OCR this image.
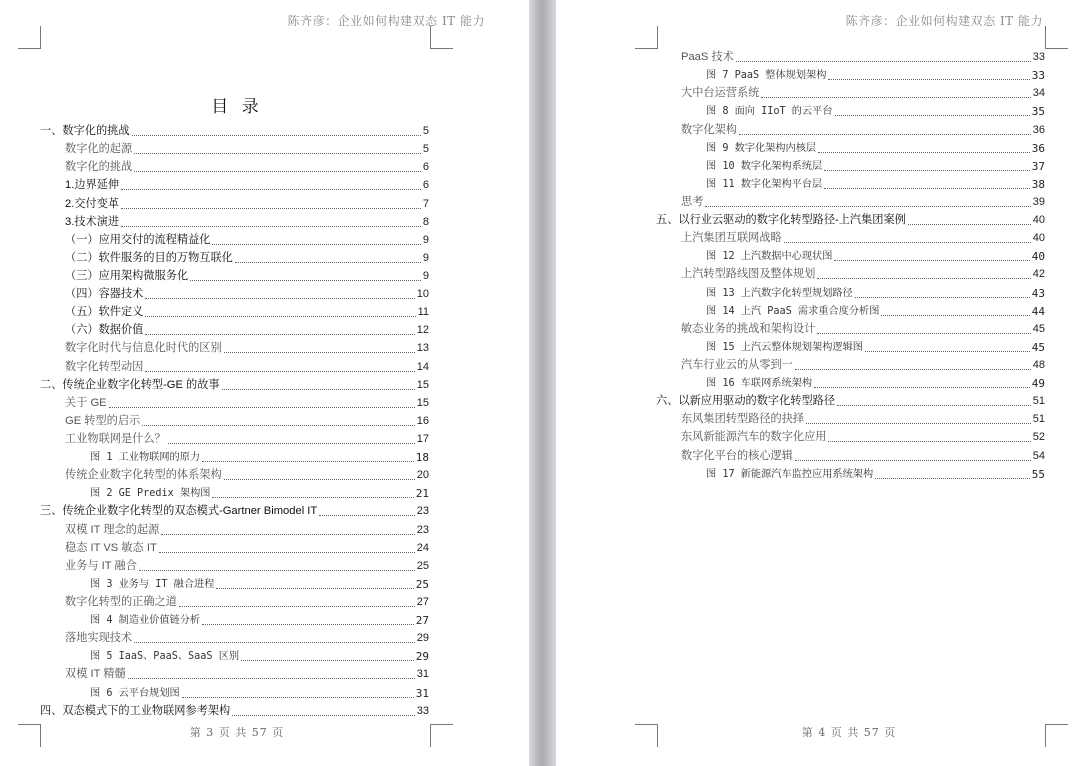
陈齐彦：企业如何构建双态 IT 能力
目 录
一、数字化的挑战	5
数字化的起源	5
数字化的挑战	6
1.边界延伸	6
2.交付变革	7
3.技术演进	8
（一）应用交付的流程精益化	9
（二）软件服务的目的万物互联化	9
（三）应用架构微服务化	9
（四）容器技术	10
（五）软件定义	11
（六）数据价值	12
数字化时代与信息化时代的区别	13
数字化转型动因	14
二、传统企业数字化转型-GE 的故事	15
关于 GE	15
GE 转型的启示	16
工业物联网是什么？	17
图 1 工业物联网的原力	18
传统企业数字化转型的体系架构	20
图 2 GE Predix 架构图	21
三、传统企业数字化转型的双态模式-Gartner Bimodel IT	23
双模 IT 理念的起源	23
稳态 IT VS 敏态 IT	24
业务与 IT 融合	25
图 3 业务与 IT 融合进程	25
数字化转型的正确之道	27
图 4 制造业价值链分析	27
落地实现技术	29
图 5 IaaS、PaaS、SaaS 区别	29
双模 IT 精髓	31
图 6 云平台规划图	31
四、双态模式下的工业物联网参考架构	33
第 3 页 共 57 页
陈齐彦：企业如何构建双态 IT 能力
PaaS 技术	33
图 7 PaaS 整体规划架构	33
大中台运营系统	34
图 8 面向 IIoT 的云平台	35
数字化架构	36
图 9 数字化架构内核层	36
图 10 数字化架构系统层	37
图 11 数字化架构平台层	38
思考	39
五、以行业云驱动的数字化转型路径-上汽集团案例	40
上汽集团互联网战略	40
图 12 上汽数据中心现状图	40
上汽转型路线图及整体规划	42
图 13 上汽数字化转型规划路径	43
图 14 上汽 PaaS 需求重合度分析图	44
敏态业务的挑战和架构设计	45
图 15 上汽云整体规划架构逻辑图	45
汽车行业云的从零到一	48
图 16 车联网系统架构	49
六、以新应用驱动的数字化转型路径	51
东风集团转型路径的抉择	51
东风新能源汽车的数字化应用	52
数字化平台的核心逻辑	54
图 17 新能源汽车监控应用系统架构	55
第 4 页 共 57 页
